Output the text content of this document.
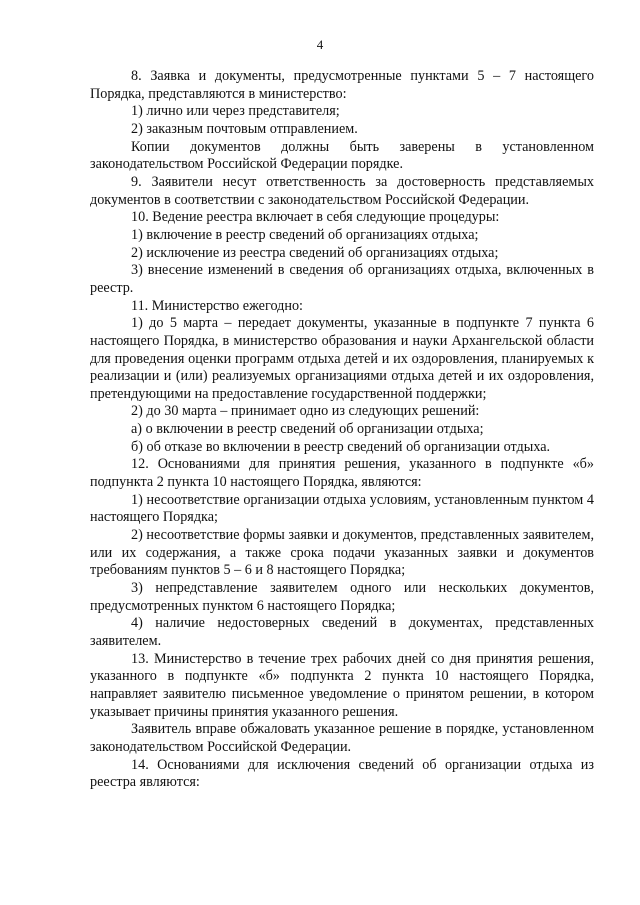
4

8. Заявка и документы, предусмотренные пунктами 5 – 7 настоящего Порядка, представляются в министерство:

1) лично или через представителя;

2) заказным почтовым отправлением.

Копии документов должны быть заверены в установленном законодательством Российской Федерации порядке.

9. Заявители несут ответственность за достоверность представляемых документов в соответствии с законодательством Российской Федерации.

10. Ведение реестра включает в себя следующие процедуры:

1) включение в реестр сведений об организациях отдыха;

2) исключение из реестра сведений об организациях отдыха;

3) внесение изменений в сведения об организациях отдыха, включенных в реестр.

11. Министерство ежегодно:

1) до 5 марта – передает документы, указанные в подпункте 7 пункта 6 настоящего Порядка, в министерство образования и науки Архангельской области для проведения оценки программ отдыха детей и их оздоровления, планируемых к реализации и (или) реализуемых организациями отдыха детей и их оздоровления, претендующими на предоставление государственной поддержки;

2) до 30 марта – принимает одно из следующих решений:

а) о включении в реестр сведений об организации отдыха;

б) об отказе во включении в реестр сведений об организации отдыха.

12. Основаниями для принятия решения, указанного в подпункте «б» подпункта 2 пункта 10 настоящего Порядка, являются:

1) несоответствие организации отдыха условиям, установленным пунктом 4 настоящего Порядка;

2) несоответствие формы заявки и документов, представленных заявителем, или их содержания, а также срока подачи указанных заявки и документов требованиям пунктов 5 – 6 и 8 настоящего Порядка;

3) непредставление заявителем одного или нескольких документов, предусмотренных пунктом 6 настоящего Порядка;

4) наличие недостоверных сведений в документах, представленных заявителем.

13. Министерство в течение трех рабочих дней со дня принятия решения, указанного в подпункте «б» подпункта 2 пункта 10 настоящего Порядка, направляет заявителю письменное уведомление о принятом решении, в котором указывает причины принятия указанного решения.

Заявитель вправе обжаловать указанное решение в порядке, установленном законодательством Российской Федерации.

14. Основаниями для исключения сведений об организации отдыха из реестра являются:
